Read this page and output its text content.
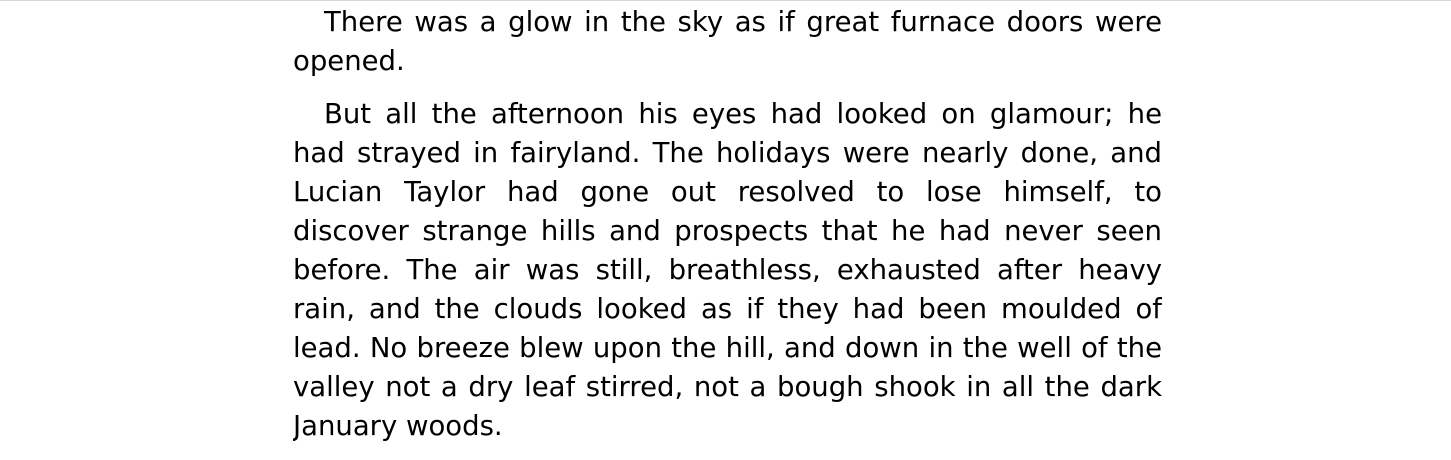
There was a glow in the sky as if great furnace doors were opened.

But all the afternoon his eyes had looked on glamour; he had strayed in fairyland. The holidays were nearly done, and Lucian Taylor had gone out resolved to lose himself, to discover strange hills and prospects that he had never seen before. The air was still, breathless, exhausted after heavy rain, and the clouds looked as if they had been moulded of lead. No breeze blew upon the hill, and down in the well of the valley not a dry leaf stirred, not a bough shook in all the dark January woods.
